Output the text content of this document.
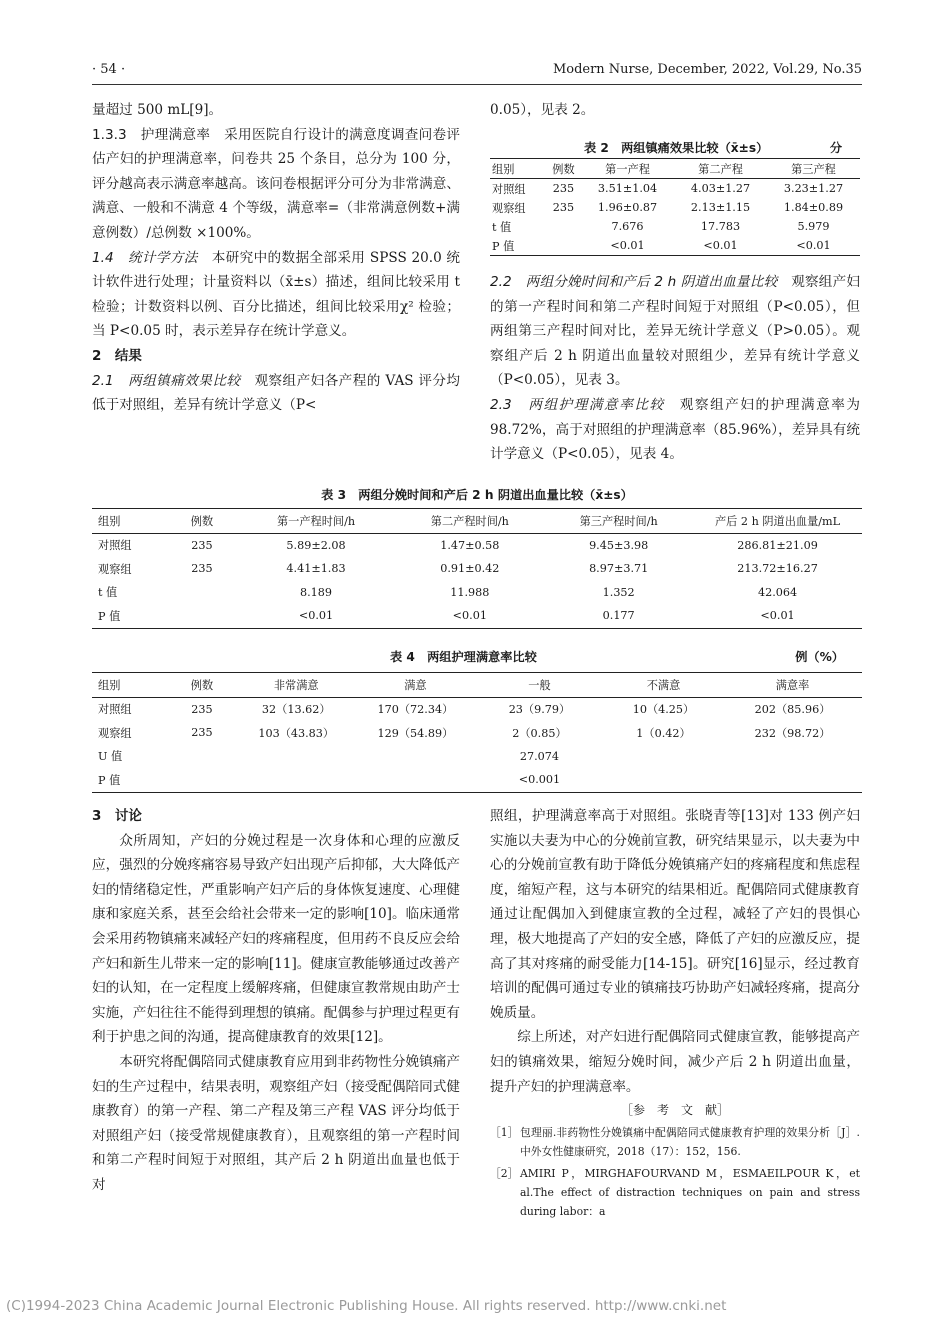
· 54 ·	Modern Nurse, December, 2022, Vol.29, No.35

量超过 500 mL[9]。

1.3.3　护理满意率　 采用医院自行设计的满意度调查问卷评估产妇的护理满意率，问卷共 25 个条目，总分为 100 分，评分越高表示满意率越高。该问卷根据评分可分为非常满意、满意、一般和不满意 4 个等级，满意率=（非常满意例数+满意例数）/总例数 ×100%。

1.4　统计学方法　 本研究中的数据全部采用 SPSS 20.0 统计软件进行处理；计量资料以（x̄±s）描述，组间比较采用 t 检验；计数资料以例、百分比描述，组间比较采用χ² 检验；当 P<0.05 时，表示差异存在统计学意义。

2　结果

2.1　两组镇痛效果比较　 观察组产妇各产程的 VAS 评分均低于对照组，差异有统计学意义（P<

0.05），见表 2。

表 2　两组镇痛效果比较（x̄±s）	分
组别	例数	第一产程	第二产程	第三产程
对照组	235	3.51±1.04	4.03±1.27	3.23±1.27
观察组	235	1.96±0.87	2.13±1.15	1.84±0.89
t 值		7.676	17.783	5.979
P 值		<0.01	<0.01	<0.01

2.2　两组分娩时间和产后 2 h 阴道出血量比较　 观察组产妇的第一产程时间和第二产程时间短于对照组（P<0.05），但两组第三产程时间对比，差异无统计学意义（P>0.05）。观察组产后 2 h 阴道出血量较对照组少，差异有统计学意义（P<0.05），见表 3。

2.3　两组护理满意率比较　 观察组产妇的护理满意率为 98.72%，高于对照组的护理满意率（85.96%），差异具有统计学意义（P<0.05），见表 4。

表 3　两组分娩时间和产后 2 h 阴道出血量比较（x̄±s）
组别	例数	第一产程时间/h	第二产程时间/h	第三产程时间/h	产后 2 h 阴道出血量/mL
对照组	235	5.89±2.08	1.47±0.58	9.45±3.98	286.81±21.09
观察组	235	4.41±1.83	0.91±0.42	8.97±3.71	213.72±16.27
t 值		8.189	11.988	1.352	42.064
P 值		<0.01	<0.01	0.177	<0.01
表 4　两组护理满意率比较	例（%）
组别	例数	非常满意	满意	一般	不满意	满意率
对照组	235	32（13.62）	170（72.34）	23（9.79）	10（4.25）	202（85.96）
观察组	235	103（43.83）	129（54.89）	2（0.85）	1（0.42）	232（98.72）
U 值				27.074		
P 值				<0.001		

3　讨论

众所周知，产妇的分娩过程是一次身体和心理的应激反应，强烈的分娩疼痛容易导致产妇出现产后抑郁，大大降低产妇的情绪稳定性，严重影响产妇产后的身体恢复速度、心理健康和家庭关系，甚至会给社会带来一定的影响[10]。临床通常会采用药物镇痛来减轻产妇的疼痛程度，但用药不良反应会给产妇和新生儿带来一定的影响[11]。健康宣教能够通过改善产妇的认知，在一定程度上缓解疼痛，但健康宣教常规由助产士实施，产妇往往不能得到理想的镇痛。配偶参与护理过程更有利于护患之间的沟通，提高健康教育的效果[12]。

本研究将配偶陪同式健康教育应用到非药物性分娩镇痛产妇的生产过程中，结果表明，观察组产妇（接受配偶陪同式健康教育）的第一产程、第二产程及第三产程 VAS 评分均低于对照组产妇（接受常规健康教育），且观察组的第一产程时间和第二产程时间短于对照组，其产后 2 h 阴道出血量也低于对

照组，护理满意率高于对照组。张晓青等[13]对 133 例产妇实施以夫妻为中心的分娩前宣教，研究结果显示，以夫妻为中心的分娩前宣教有助于降低分娩镇痛产妇的疼痛程度和焦虑程度，缩短产程，这与本研究的结果相近。配偶陪同式健康教育通过让配偶加入到健康宣教的全过程，减轻了产妇的畏惧心理，极大地提高了产妇的安全感，降低了产妇的应激反应，提高了其对疼痛的耐受能力[14-15]。研究[16]显示，经过教育培训的配偶可通过专业的镇痛技巧协助产妇减轻疼痛，提高分娩质量。

综上所述，对产妇进行配偶陪同式健康宣教，能够提高产妇的镇痛效果，缩短分娩时间，减少产后 2 h 阴道出血量，提升产妇的护理满意率。

［参　考　文　献］
［1］ 包理丽.非药物性分娩镇痛中配偶陪同式健康教育护理的效果分析［J］.中外女性健康研究，2018（17）：152，156.
［2］ AMIRI P，MIRGHAFOURVAND M，ESMAEILPOUR K，et al.The effect of distraction techniques on pain and stress during labor：a
(C)1994-2023 China Academic Journal Electronic Publishing House. All rights reserved. http://www.cnki.net
